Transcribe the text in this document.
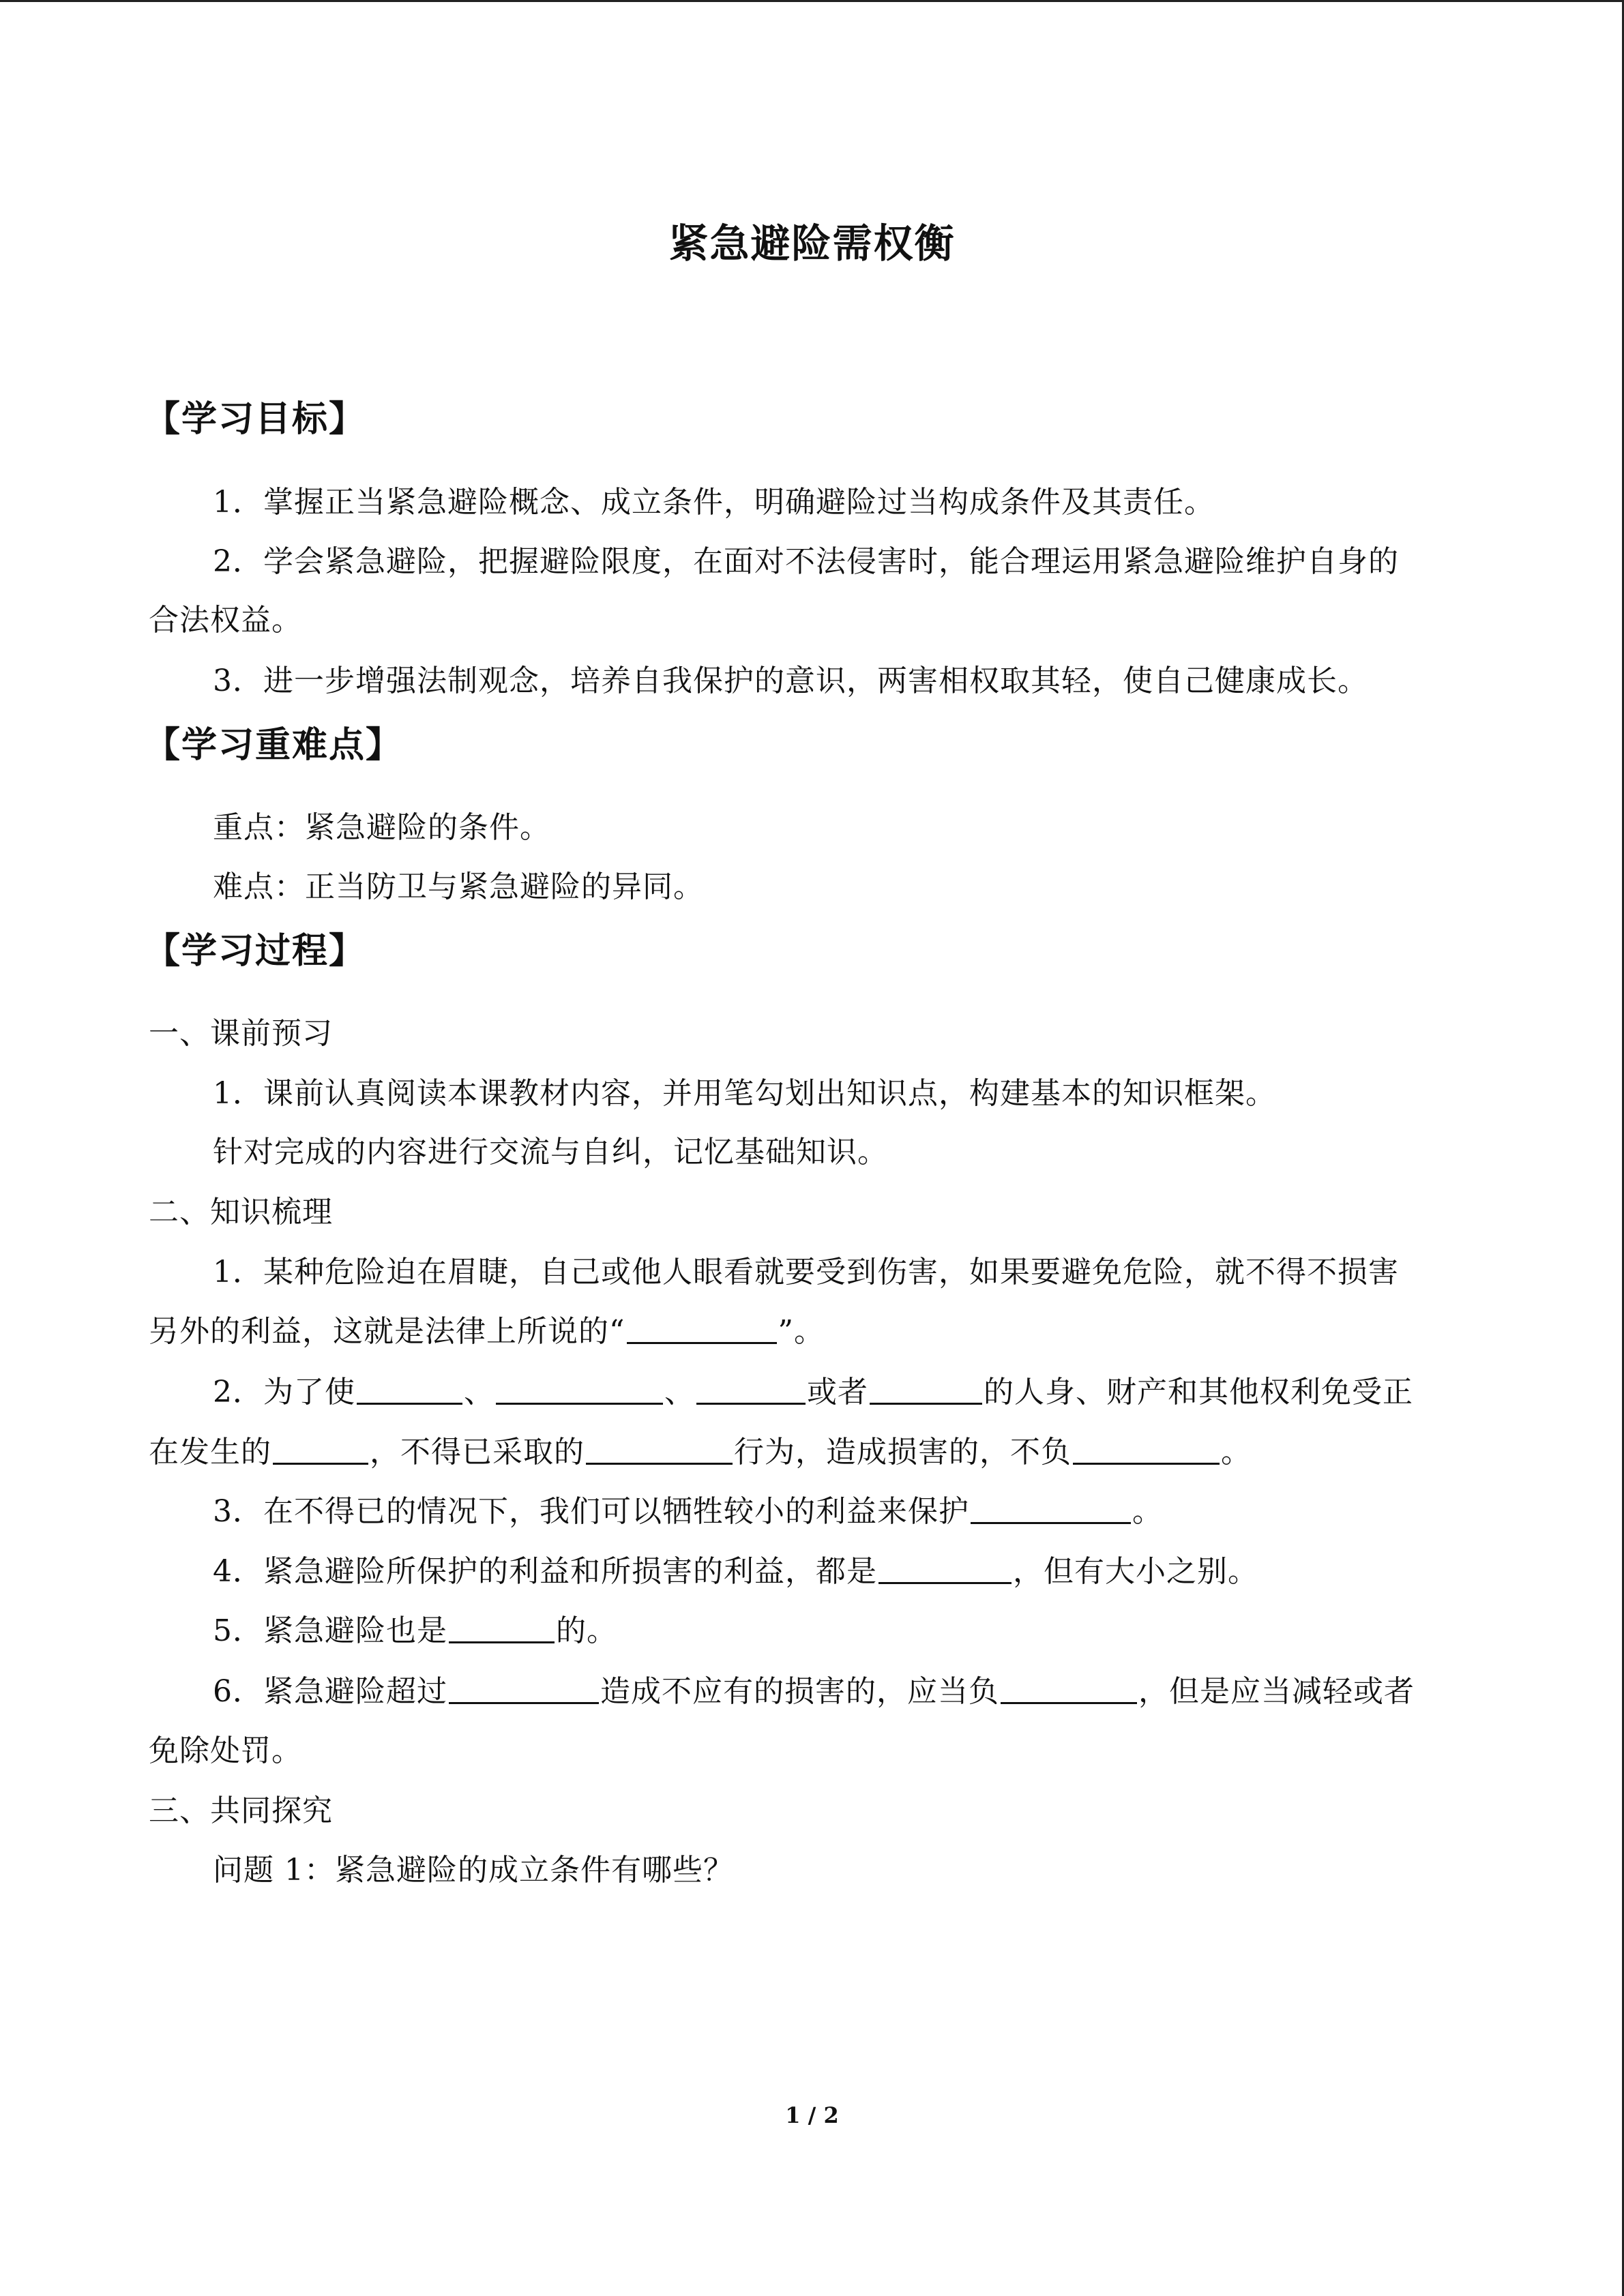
紧急避险需权衡
【学习目标】
1．掌握正当紧急避险概念、成立条件，明确避险过当构成条件及其责任。
2．学会紧急避险，把握避险限度，在面对不法侵害时，能合理运用紧急避险维护自身的
合法权益。
3．进一步增强法制观念，培养自我保护的意识，两害相权取其轻，使自己健康成长。
【学习重难点】
重点：紧急避险的条件。
难点：正当防卫与紧急避险的异同。
【学习过程】
一、课前预习
1．课前认真阅读本课教材内容，并用笔勾划出知识点，构建基本的知识框架。
针对完成的内容进行交流与自纠，记忆基础知识。
二、知识梳理
1．某种危险迫在眉睫，自己或他人眼看就要受到伤害，如果要避免危险，就不得不损害
另外的利益，这就是法律上所说的“	”。
2．为了使	、	、	或者	的人身、财产和其他权利免受正
在发生的	，不得已采取的	行为，造成损害的，不负	。
3．在不得已的情况下，我们可以牺牲较小的利益来保护	。
4．紧急避险所保护的利益和所损害的利益，都是	，但有大小之别。
5．紧急避险也是	的。
6．紧急避险超过	造成不应有的损害的，应当负	，但是应当减轻或者
免除处罚。
三、共同探究
问题 1：紧急避险的成立条件有哪些？
1 / 2
